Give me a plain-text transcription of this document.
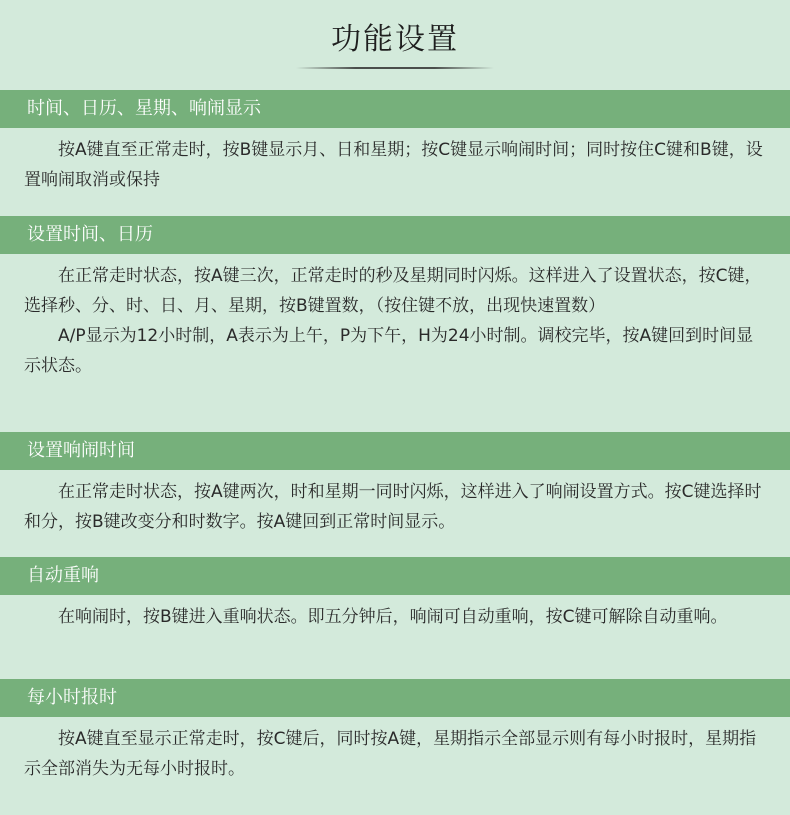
功能设置
时间、日历、星期、响闹显示

按A键直至正常走时，按B键显示月、日和星期；按C键显示响闹时间；同时按住C键和B键，设置响闹取消或保持

设置时间、日历

在正常走时状态，按A键三次，正常走时的秒及星期同时闪烁。这样进入了设置状态，按C键，选择秒、分、时、日、月、星期，按B键置数，（按住键不放，出现快速置数）

A/P显示为12小时制，A表示为上午，P为下午，H为24小时制。调校完毕，按A键回到时间显示状态。

设置响闹时间

在正常走时状态，按A键两次，时和星期一同时闪烁，这样进入了响闹设置方式。按C键选择时和分，按B键改变分和时数字。按A键回到正常时间显示。

自动重响

在响闹时，按B键进入重响状态。即五分钟后，响闹可自动重响，按C键可解除自动重响。

每小时报时

按A键直至显示正常走时，按C键后，同时按A键，星期指示全部显示则有每小时报时，星期指示全部消失为无每小时报时。
